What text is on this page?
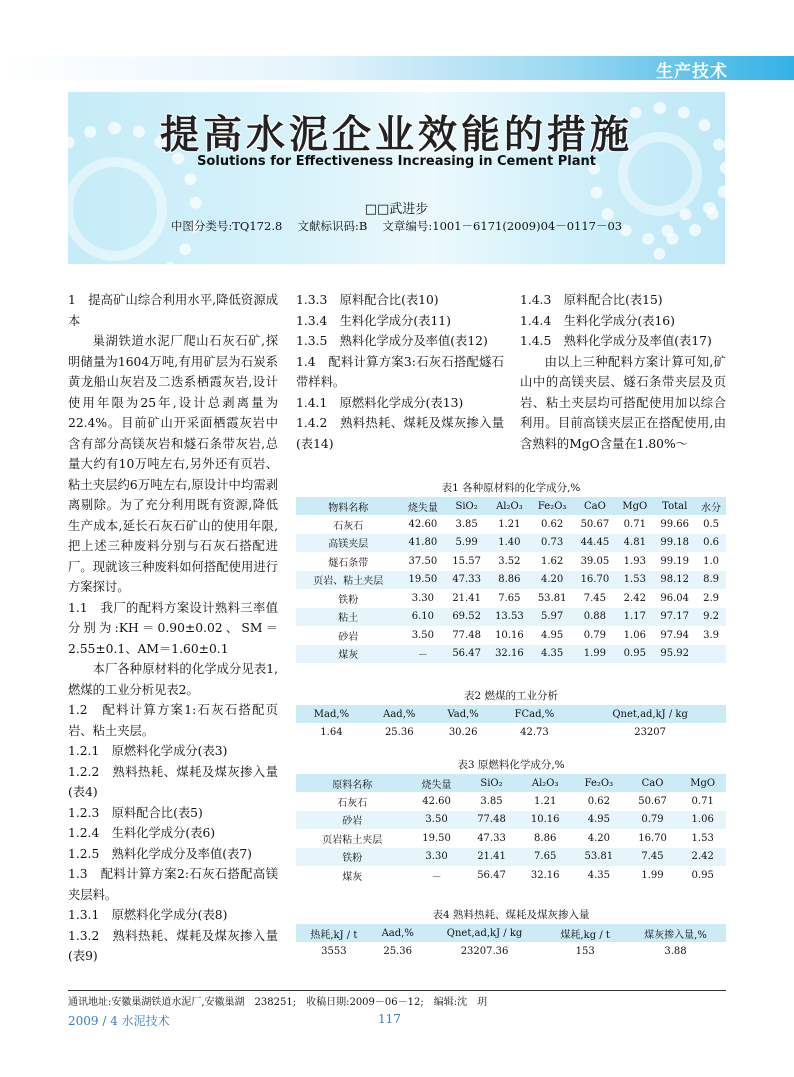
生产技术
提高水泥企业效能的措施
Solutions for Effectiveness Increasing in Cement Plant
□□武进步
中图分类号:TQ172.8　 文献标识码:B　 文章编号:1001－6171(2009)04－0117－03

1　提高矿山综合利用水平,降低资源成本

巢湖铁道水泥厂爬山石灰石矿,探明储量为1604万吨,有用矿层为石炭系黄龙船山灰岩及二迭系栖霞灰岩,设计使用年限为25年,设计总剥离量为22.4%。目前矿山开采面栖霞灰岩中含有部分高镁灰岩和燧石条带灰岩,总量大约有10万吨左右,另外还有页岩、粘土夹层约6万吨左右,原设计中均需剥离剔除。为了充分利用既有资源,降低生产成本,延长石灰石矿山的使用年限,把上述三种废料分别与石灰石搭配进厂。现就该三种废料如何搭配使用进行方案探讨。

1.1　我厂的配料方案设计熟料三率值分别为:KH＝0.90±0.02、SM＝2.55±0.1、AM＝1.60±0.1

本厂各种原材料的化学成分见表1,燃煤的工业分析见表2。

1.2　配料计算方案1:石灰石搭配页岩、粘土夹层。

1.2.1　原燃料化学成分(表3)

1.2.2　熟料热耗、煤耗及煤灰掺入量(表4)

1.2.3　原料配合比(表5)

1.2.4　生料化学成分(表6)

1.2.5　熟料化学成分及率值(表7)

1.3　配料计算方案2:石灰石搭配高镁夹层料。

1.3.1　原燃料化学成分(表8)

1.3.2　熟料热耗、煤耗及煤灰掺入量(表9)

1.3.3　原料配合比(表10)

1.3.4　生料化学成分(表11)

1.3.5　熟料化学成分及率值(表12)

1.4　配料计算方案3:石灰石搭配燧石带样料。

1.4.1　原燃料化学成分(表13)

1.4.2　熟料热耗、煤耗及煤灰掺入量(表14)

1.4.3　原料配合比(表15)

1.4.4　生料化学成分(表16)

1.4.5　熟料化学成分及率值(表17)

由以上三种配料方案计算可知,矿山中的高镁夹层、燧石条带夹层及页岩、粘土夹层均可搭配使用加以综合利用。目前高镁夹层正在搭配使用,由含熟料的MgO含量在1.80%～

表1 各种原材料的化学成分,%
物料名称	烧失量	SiO₂	Al₂O₃	Fe₂O₃	CaO	MgO	Total	水分
石灰石	42.60	3.85	1.21	0.62	50.67	0.71	99.66	0.5
高镁夹层	41.80	5.99	1.40	0.73	44.45	4.81	99.18	0.6
燧石条带	37.50	15.57	3.52	1.62	39.05	1.93	99.19	1.0
页岩、粘土夹层	19.50	47.33	8.86	4.20	16.70	1.53	98.12	8.9
铁粉	3.30	21.41	7.65	53.81	7.45	2.42	96.04	2.9
粘土	6.10	69.52	13.53	5.97	0.88	1.17	97.17	9.2
砂岩	3.50	77.48	10.16	4.95	0.79	1.06	97.94	3.9
煤灰	－	56.47	32.16	4.35	1.99	0.95	95.92	
表2 燃煤的工业分析
Mad,%	Aad,%	Vad,%	FCad,%	Qnet,ad,kJ / kg
1.64	25.36	30.26	42.73	23207
表3 原燃料化学成分,%
原料名称	烧失量	SiO₂	Al₂O₃	Fe₂O₃	CaO	MgO
石灰石	42.60	3.85	1.21	0.62	50.67	0.71
砂岩	3.50	77.48	10.16	4.95	0.79	1.06
页岩粘土夹层	19.50	47.33	8.86	4.20	16.70	1.53
铁粉	3.30	21.41	7.65	53.81	7.45	2.42
煤灰	－	56.47	32.16	4.35	1.99	0.95
表4 熟料热耗、煤耗及煤灰掺入量
热耗,kJ / t	Aad,%	Qnet,ad,kJ / kg	煤耗,kg / t	煤灰掺入量,%
3553	25.36	23207.36	153	3.88
通讯地址:安徽巢湖铁道水泥厂,安徽巢湖　238251;　收稿日期:2009－06－12;　编辑:沈　玥
2009 / 4 水泥技术	117
